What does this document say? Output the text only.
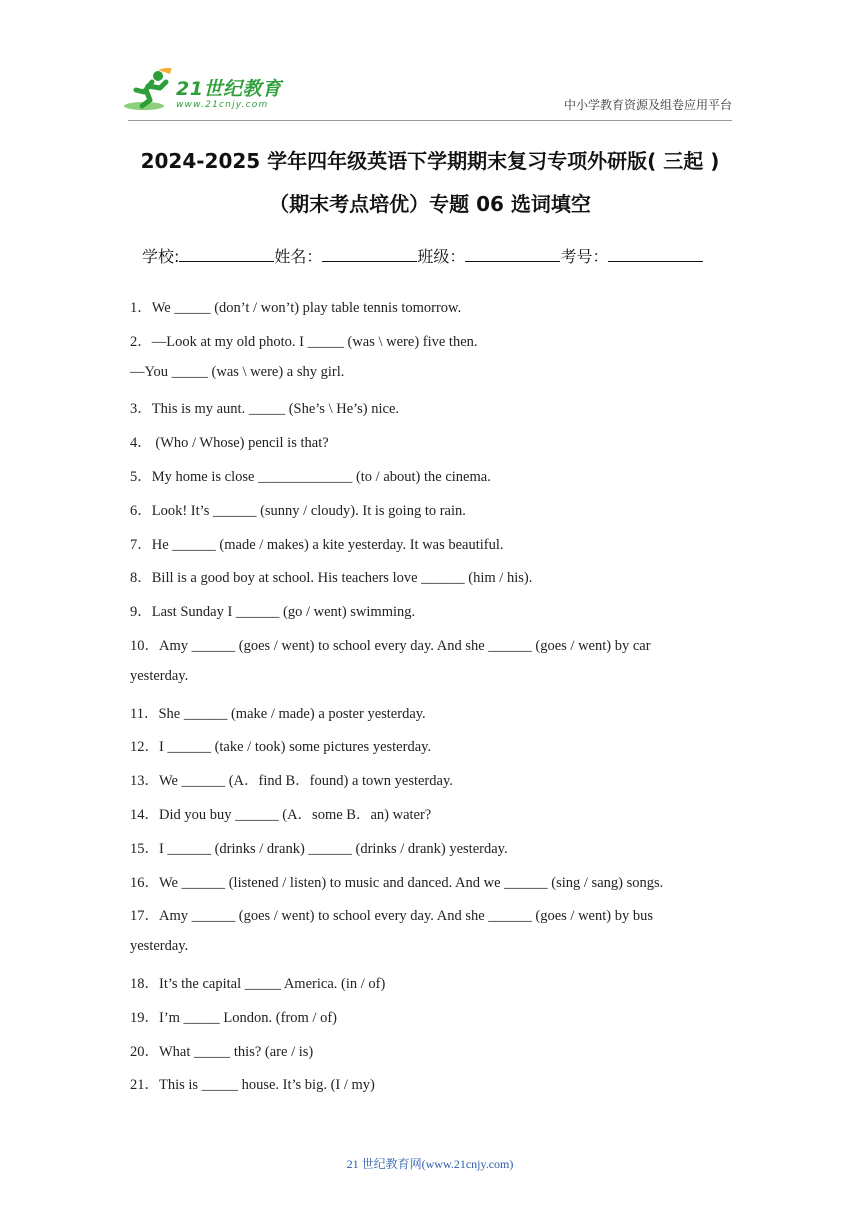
21世纪教育
www.21cnjy.com	中小学教育资源及组卷应用平台
2024-2025 学年四年级英语下学期期末复习专项外研版( 三起 )
（期末考点培优）专题 06 选词填空
学校:	姓名：	班级：	考号：
1．We _____ (don’t / won’t) play table tennis tomorrow.
2．—Look at my old photo. I _____ (was \ were) five then.
—You _____ (was \ were) a shy girl.
3．This is my aunt. _____ (She’s \ He’s) nice.
4． (Who / Whose) pencil is that?
5．My home is close _____________ (to / about) the cinema.
6．Look! It’s ______ (sunny / cloudy). It is going to rain.
7．He ______ (made / makes) a kite yesterday. It was beautiful.
8．Bill is a good boy at school. His teachers love ______ (him / his).
9．Last Sunday I ______ (go / went) swimming.
10．Amy ______ (goes / went) to school every day. And she ______ (goes / went) by car
yesterday.
11．She ______ (make / made) a poster yesterday.
12．I ______ (take / took) some pictures yesterday.
13．We ______ (A．find B．found) a town yesterday.
14．Did you buy ______ (A．some B．an) water?
15．I ______ (drinks / drank) ______ (drinks / drank) yesterday.
16．We ______ (listened / listen) to music and danced. And we ______ (sing / sang) songs.
17．Amy ______ (goes / went) to school every day. And she ______ (goes / went) by bus
yesterday.
18．It’s the capital _____ America. (in / of)
19．I’m _____ London. (from / of)
20．What _____ this? (are / is)
21．This is _____ house. It’s big. (I / my)
21 世纪教育网(www.21cnjy.com)
